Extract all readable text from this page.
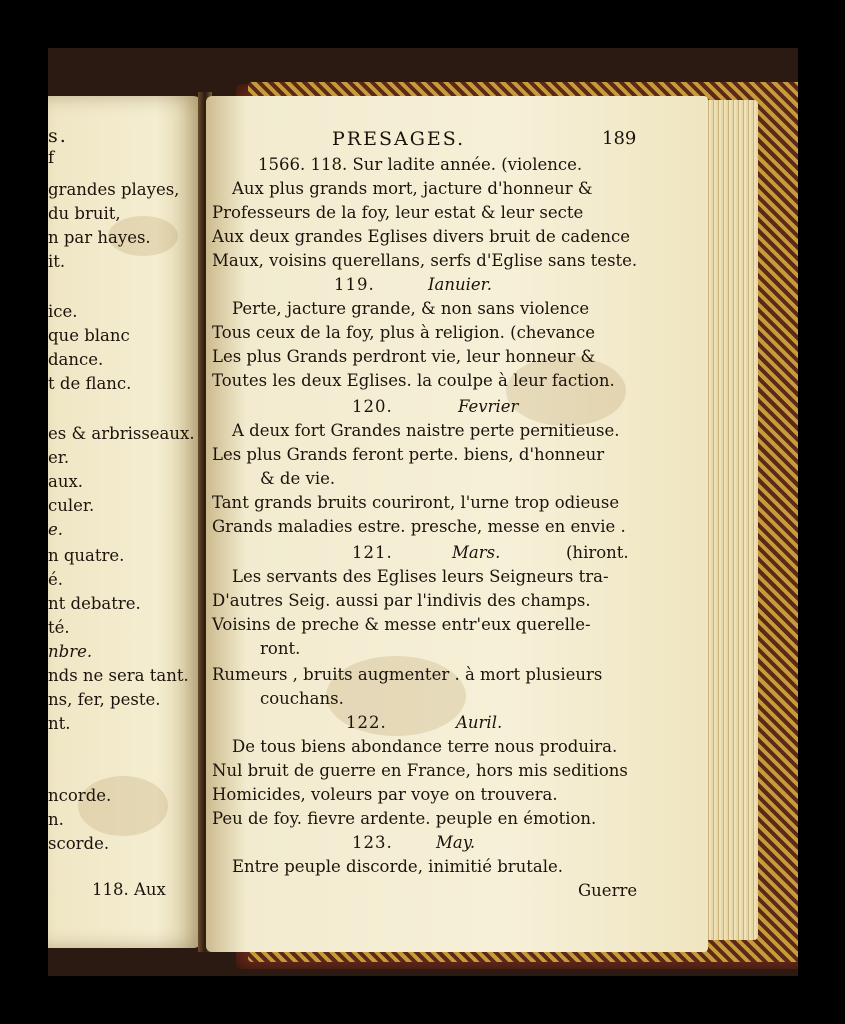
s.
f
grandes playes,
du bruit,
n par hayes.
it.
ice.
que blanc
dance.
t de flanc.
es & arbrisseaux.
er.
aux.
culer.
e.
n quatre.
é.
nt debatre.
té.
nbre.
nds ne sera tant.
ns, fer, peste.
nt.
ncorde.
n.
scorde.
118. Aux
PRESAGES.	189
1566. 118. Sur ladite année. (violence.
Aux plus grands mort, jacture d'honneur &
Professeurs de la foy, leur estat & leur secte
Aux deux grandes Eglises divers bruit de cadence
Maux, voisins querellans, serfs d'Eglise sans teste.
119.	Ianuier.
Perte, jacture grande, & non sans violence
Tous ceux de la foy, plus à religion. (chevance
Les plus Grands perdront vie, leur honneur &
Toutes les deux Eglises. la coulpe à leur faction.
120.	Fevrier
A deux fort Grandes naistre perte pernitieuse.
Les plus Grands feront perte. biens, d'honneur
& de vie.
Tant grands bruits couriront, l'urne trop odieuse
Grands maladies estre. presche, messe en envie .
121.	Mars.	(hiront.
Les servants des Eglises leurs Seigneurs tra-
D'autres Seig. aussi par l'indivis des champs.
Voisins de preche & messe entr'eux querelle-
ront.
Rumeurs , bruits augmenter . à mort plusieurs
couchans.
122.	Auril.
De tous biens abondance terre nous produira.
Nul bruit de guerre en France, hors mis seditions
Homicides, voleurs par voye on trouvera.
Peu de foy. fievre ardente. peuple en émotion.
123.	May.
Entre peuple discorde, inimitié brutale.
Guerre
